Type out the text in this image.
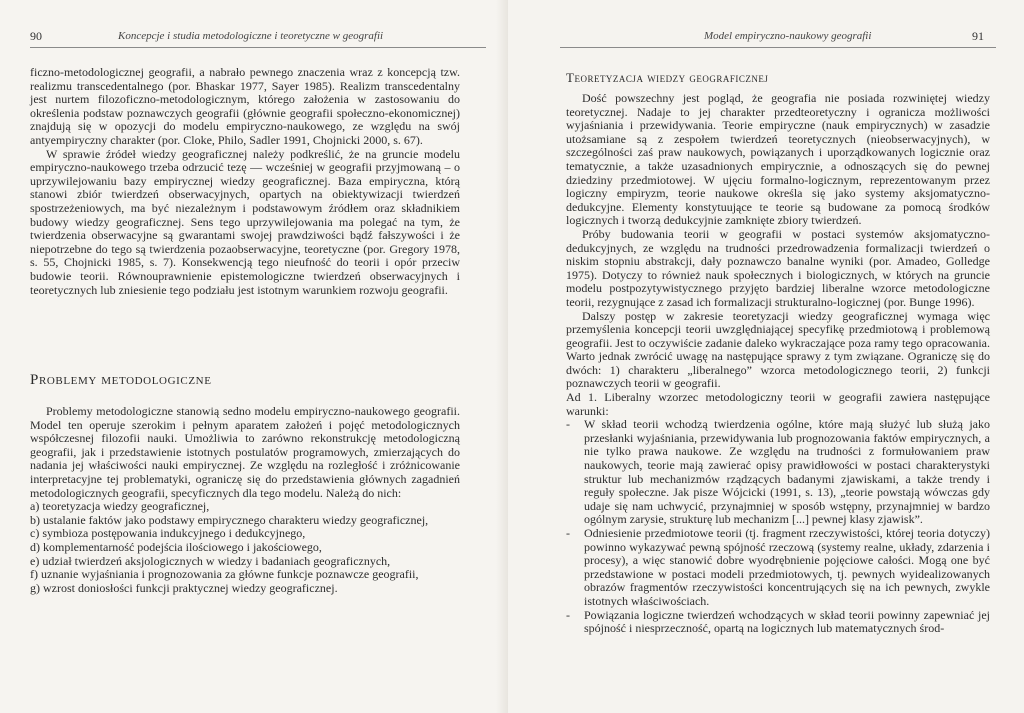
90	Koncepcje i studia metodologiczne i teoretyczne w geografii

ficzno-metodologicznej geografii, a nabrało pewnego znaczenia wraz z koncepcją tzw. realizmu transcedentalnego (por. Bhaskar 1977, Sayer 1985). Realizm transcedentalny jest nurtem filozoficzno-metodologicznym, którego założenia w zastosowaniu do określenia podstaw poznawczych geografii (głównie geografii społeczno-ekonomicznej) znajdują się w opozycji do modelu empiryczno-naukowego, ze względu na swój antyempiryczny charakter (por. Cloke, Philo, Sadler 1991, Chojnicki 2000, s. 67).

W sprawie źródeł wiedzy geograficznej należy podkreślić, że na gruncie modelu empiryczno-naukowego trzeba odrzucić tezę — wcześniej w geografii przyjmowaną – o uprzywilejowaniu bazy empirycznej wiedzy geograficznej. Baza empiryczna, którą stanowi zbiór twierdzeń obserwacyjnych, opartych na obiektywizacji twierdzeń spostrzeżeniowych, ma być niezależnym i podstawowym źródłem oraz składnikiem budowy wiedzy geograficznej. Sens tego uprzywilejowania ma polegać na tym, że twierdzenia obserwacyjne są gwarantami swojej prawdziwości bądź fałszywości i że niepotrzebne do tego są twierdzenia pozaobserwacyjne, teoretyczne (por. Gregory 1978, s. 55, Chojnicki 1985, s. 7). Konsekwencją tego nieufność do teorii i opór przeciw budowie teorii. Równouprawnienie epistemologiczne twierdzeń obserwacyjnych i teoretycznych lub zniesienie tego podziału jest istotnym warunkiem rozwoju geografii.

Problemy metodologiczne

Problemy metodologiczne stanowią sedno modelu empiryczno-naukowego geografii. Model ten operuje szerokim i pełnym aparatem założeń i pojęć metodologicznych współczesnej filozofii nauki. Umożliwia to zarówno rekonstrukcję metodologiczną geografii, jak i przedstawienie istotnych postulatów programowych, zmierzających do nadania jej właściwości nauki empirycznej. Ze względu na rozległość i zróżnicowanie interpretacyjne tej problematyki, ograniczę się do przedstawienia głównych zagadnień metodologicznych geografii, specyficznych dla tego modelu. Należą do nich:

a) teoretyzacja wiedzy geograficznej,
b) ustalanie faktów jako podstawy empirycznego charakteru wiedzy geograficznej,
c) symbioza postępowania indukcyjnego i dedukcyjnego,
d) komplementarność podejścia ilościowego i jakościowego,
e) udział twierdzeń aksjologicznych w wiedzy i badaniach geograficznych,
f) uznanie wyjaśniania i prognozowania za główne funkcje poznawcze geografii,
g) wzrost doniosłości funkcji praktycznej wiedzy geograficznej.
Model empiryczno-naukowy geografii	91
Teoretyzacja wiedzy geograficznej

Dość powszechny jest pogląd, że geografia nie posiada rozwiniętej wiedzy teoretycznej. Nadaje to jej charakter przedteoretyczny i ogranicza możliwości wyjaśniania i przewidywania. Teorie empiryczne (nauk empirycznych) w zasadzie utożsamiane są z zespołem twierdzeń teoretycznych (nieobserwacyjnych), w szczególności zaś praw naukowych, powiązanych i uporządkowanych logicznie oraz tematycznie, a także uzasadnionych empirycznie, a odnoszących się do pewnej dziedziny przedmiotowej. W ujęciu formalno-logicznym, reprezentowanym przez logiczny empiryzm, teorie naukowe określa się jako systemy aksjomatyczno-dedukcyjne. Elementy konstytuujące te teorie są budowane za pomocą środków logicznych i tworzą dedukcyjnie zamknięte zbiory twierdzeń.

Próby budowania teorii w geografii w postaci systemów aksjomatyczno-dedukcyjnych, ze względu na trudności przedrowadzenia formalizacji twierdzeń o niskim stopniu abstrakcji, dały poznawczo banalne wyniki (por. Amadeo, Golledge 1975). Dotyczy to również nauk społecznych i biologicznych, w których na gruncie modelu postpozytywistycznego przyjęto bardziej liberalne wzorce metodologiczne teorii, rezygnujące z zasad ich formalizacji strukturalno-logicznej (por. Bunge 1996).

Dalszy postęp w zakresie teoretyzacji wiedzy geograficznej wymaga więc przemyślenia koncepcji teorii uwzględniającej specyfikę przedmiotową i problemową geografii. Jest to oczywiście zadanie daleko wykraczające poza ramy tego opracowania. Warto jednak zwrócić uwagę na następujące sprawy z tym związane. Ograniczę się do dwóch: 1) charakteru „liberalnego” wzorca metodologicznego teorii, 2) funkcji poznawczych teorii w geografii.

Ad 1. Liberalny wzorzec metodologiczny teorii w geografii zawiera następujące warunki:

- W skład teorii wchodzą twierdzenia ogólne, które mają służyć lub służą jako przesłanki wyjaśniania, przewidywania lub prognozowania faktów empirycznych, a nie tylko prawa naukowe. Ze względu na trudności z formułowaniem praw naukowych, teorie mają zawierać opisy prawidłowości w postaci charakterystyki struktur lub mechanizmów rządzących badanymi zjawiskami, a także trendy i reguły społeczne. Jak pisze Wójcicki (1991, s. 13), „teorie powstają wówczas gdy udaje się nam uchwycić, przynajmniej w sposób wstępny, przynajmniej w bardzo ogólnym zarysie, strukturę lub mechanizm [...] pewnej klasy zjawisk”.
- Odniesienie przedmiotowe teorii (tj. fragment rzeczywistości, której teoria dotyczy) powinno wykazywać pewną spójność rzeczową (systemy realne, układy, zdarzenia i procesy), a więc stanowić dobre wyodrębnienie pojęciowe całości. Mogą one być przedstawione w postaci modeli przedmiotowych, tj. pewnych wyidealizowanych obrazów fragmentów rzeczywistości koncentrujących się na ich pewnych, zwykle istotnych właściwościach.
- Powiązania logiczne twierdzeń wchodzących w skład teorii powinny zapewniać jej spójność i niesprzeczność, opartą na logicznych lub matematycznych środ-
